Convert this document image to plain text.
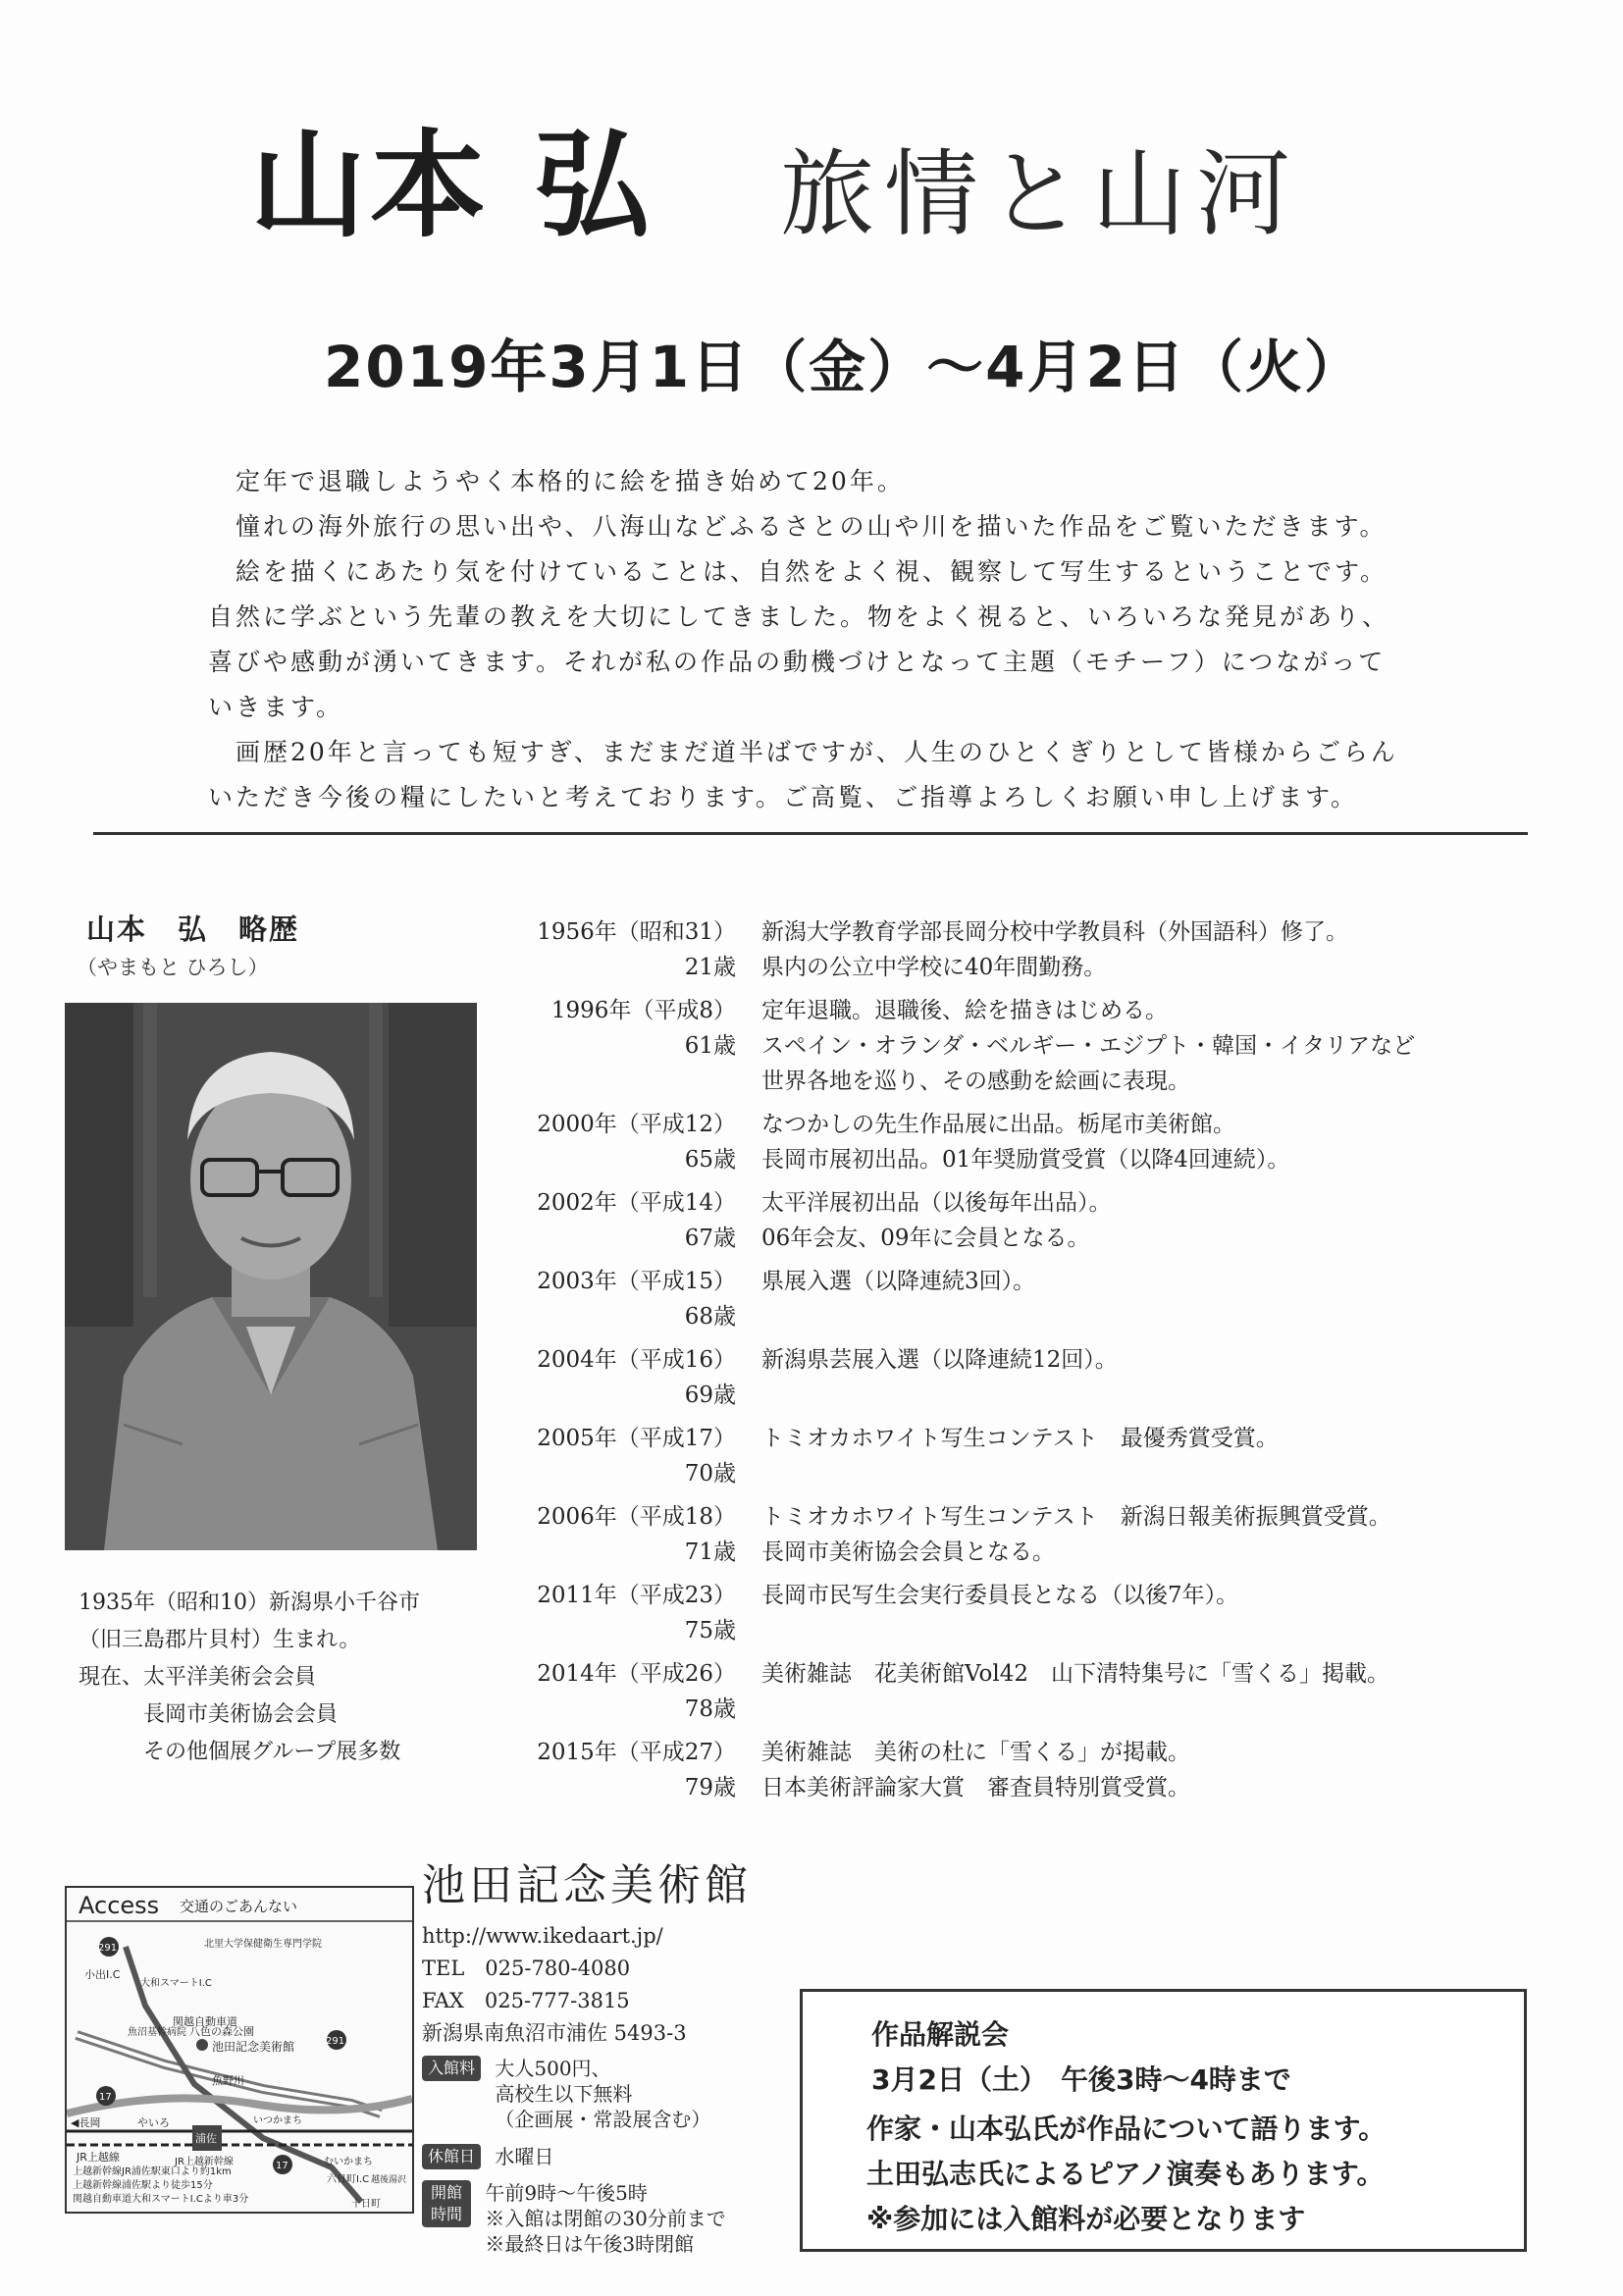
山本 弘 旅情と山河
2019年3月1日（金）～4月2日（火）

　定年で退職しようやく本格的に絵を描き始めて20年。

　憧れの海外旅行の思い出や、八海山などふるさとの山や川を描いた作品をご覧いただきます。

　絵を描くにあたり気を付けていることは、自然をよく視、観察して写生するということです。

自然に学ぶという先輩の教えを大切にしてきました。物をよく視ると、いろいろな発見があり、

喜びや感動が湧いてきます。それが私の作品の動機づけとなって主題（モチーフ）につながって

いきます。

　画歴20年と言っても短すぎ、まだまだ道半ばですが、人生のひとくぎりとして皆様からごらん

いただき今後の糧にしたいと考えております。ご高覧、ご指導よろしくお願い申し上げます。

山本　弘　略歴
（やまもと ひろし）
1935年（昭和10）新潟県小千谷市
（旧三島郡片貝村）生まれ。
現在、太平洋美術会会員
　　　長岡市美術協会会員
　　　その他個展グループ展多数
1956年（昭和31）
21歳
新潟大学教育学部長岡分校中学教員科（外国語科）修了。
県内の公立中学校に40年間勤務。
1996年（平成8）
61歳
定年退職。退職後、絵を描きはじめる。
スペイン・オランダ・ベルギー・エジプト・韓国・イタリアなど
世界各地を巡り、その感動を絵画に表現。
2000年（平成12）
65歳
なつかしの先生作品展に出品。栃尾市美術館。
長岡市展初出品。01年奨励賞受賞（以降4回連続）。
2002年（平成14）
67歳
太平洋展初出品（以後毎年出品）。
06年会友、09年に会員となる。
2003年（平成15）
68歳
県展入選（以降連続3回）。
2004年（平成16）
69歳
新潟県芸展入選（以降連続12回）。
2005年（平成17）
70歳
トミオカホワイト写生コンテスト　最優秀賞受賞。
2006年（平成18）
71歳
トミオカホワイト写生コンテスト　新潟日報美術振興賞受賞。
長岡市美術協会会員となる。
2011年（平成23）
75歳
長岡市民写生会実行委員長となる（以後7年）。
2014年（平成26）
78歳
美術雑誌　花美術館Vol42　山下清特集号に「雪くる」掲載。
2015年（平成27）
79歳
美術雑誌　美術の杜に「雪くる」が掲載。
日本美術評論家大賞　審査員特別賞受賞。
Access 交通のごあんない
291
291
17
17
小出I.C
大和スマートI.C
関越自動車道
魚沼基幹病院 八色の森公園
池田記念美術館
北里大学保健衛生専門学院
魚野川
◀長岡	やいろ
浦佐
いつかまち
むいかまち
JR上越線	JR上越新幹線
六日町I.C 越後湯沢
十日町
上越新幹線JR浦佐駅東口より約1km
上越新幹線浦佐駅より徒歩15分
関越自動車道大和スマートI.Cより車3分
池田記念美術館
http://www.ikedaart.jp/
TEL　025-780-4080
FAX　025-777-3815
新潟県南魚沼市浦佐 5493-3
入館料 大人500円、
高校生以下無料
（企画展・常設展含む）
休館日 水曜日
開館時間
午前9時～午後5時
※入館は閉館の30分前まで
※最終日は午後3時閉館
作品解説会
3月2日（土）　午後3時～4時まで
作家・山本弘氏が作品について語ります。
土田弘志氏によるピアノ演奏もあります。
※参加には入館料が必要となります
